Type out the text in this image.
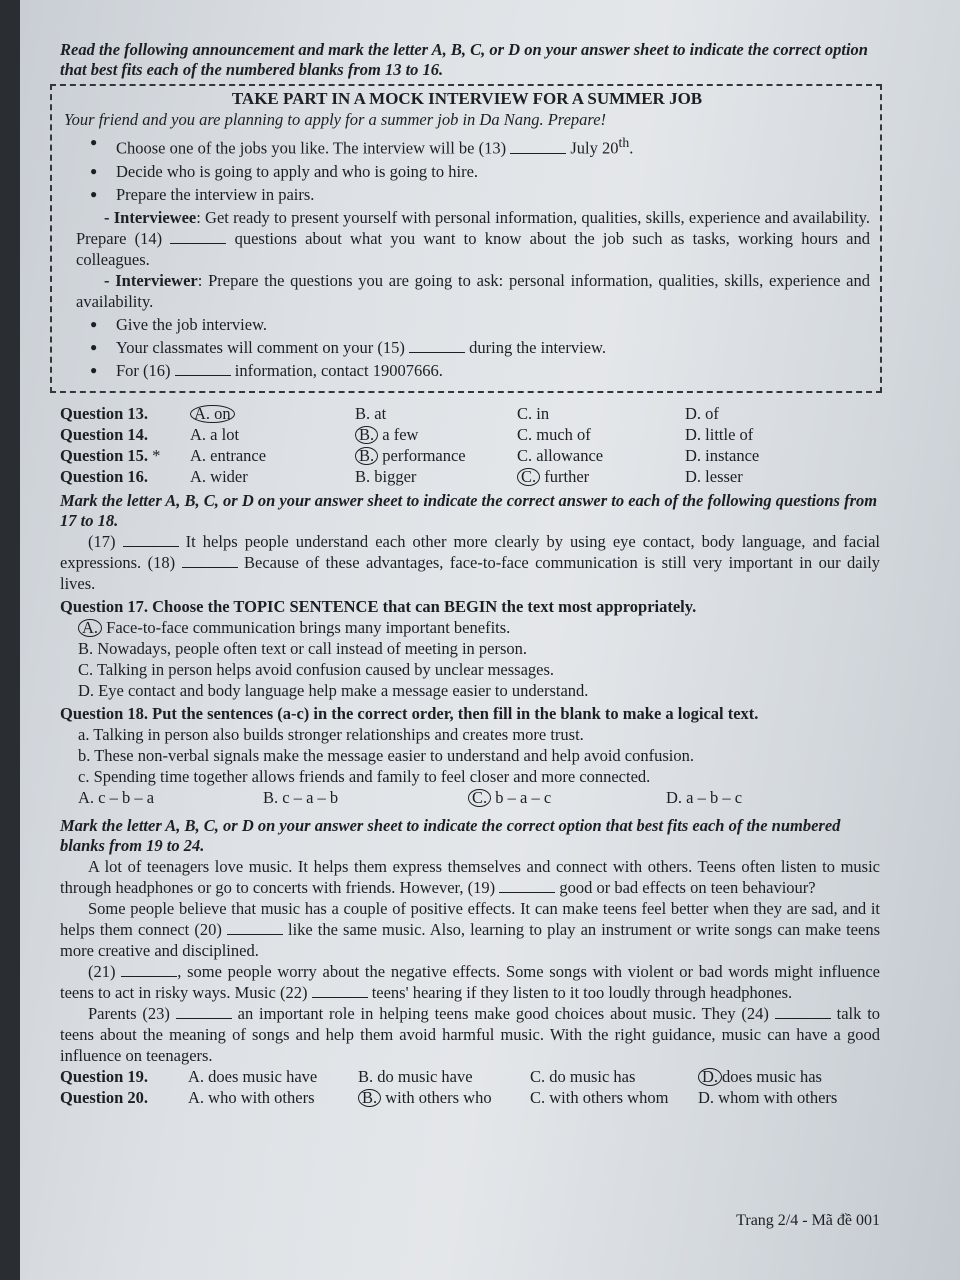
Read the following announcement and mark the letter A, B, C, or D on your answer sheet to indicate the correct option that best fits each of the numbered blanks from 13 to 16.

TAKE PART IN A MOCK INTERVIEW FOR A SUMMER JOB

Your friend and you are planning to apply for a summer job in Da Nang. Prepare!

● Choose one of the jobs you like. The interview will be (13)	July 20th.
● Decide who is going to apply and who is going to hire.
● Prepare the interview in pairs.

- Interviewee: Get ready to present yourself with personal information, qualities, skills, experience and availability. Prepare (14)	questions about what you want to know about the job such as tasks, working hours and colleagues.

- Interviewer: Prepare the questions you are going to ask: personal information, qualities, skills, experience and availability.

● Give the job interview.
● Your classmates will comment on your (15)	during the interview.
● For (16)	information, contact 19007666.
Question 13.	A. on	B. at	C. in	D. of
Question 14.	A. a lot	B. a few	C. much of	D. little of
Question 15. *	A. entrance	B. performance	C. allowance	D. instance
Question 16.	A. wider	B. bigger	C. further	D. lesser

Mark the letter A, B, C, or D on your answer sheet to indicate the correct answer to each of the following questions from 17 to 18.

(17)	It helps people understand each other more clearly by using eye contact, body language, and facial expressions. (18)	Because of these advantages, face-to-face communication is still very important in our daily lives.

Question 17. Choose the TOPIC SENTENCE that can BEGIN the text most appropriately.

A. Face-to-face communication brings many important benefits.

B. Nowadays, people often text or call instead of meeting in person.

C. Talking in person helps avoid confusion caused by unclear messages.

D. Eye contact and body language help make a message easier to understand.

Question 18. Put the sentences (a-c) in the correct order, then fill in the blank to make a logical text.

a. Talking in person also builds stronger relationships and creates more trust.

b. These non-verbal signals make the message easier to understand and help avoid confusion.

c. Spending time together allows friends and family to feel closer and more connected.

A. c – b – a	B. c – a – b	C. b – a – c	D. a – b – c

Mark the letter A, B, C, or D on your answer sheet to indicate the correct option that best fits each of the numbered blanks from 19 to 24.

A lot of teenagers love music. It helps them express themselves and connect with others. Teens often listen to music through headphones or go to concerts with friends. However, (19)	good or bad effects on teen behaviour?

Some people believe that music has a couple of positive effects. It can make teens feel better when they are sad, and it helps them connect (20)	like the same music. Also, learning to play an instrument or write songs can make teens more creative and disciplined.

(21)	, some people worry about the negative effects. Some songs with violent or bad words might influence teens to act in risky ways. Music (22)	teens' hearing if they listen to it too loudly through headphones.

Parents (23)	an important role in helping teens make good choices about music. They (24)	talk to teens about the meaning of songs and help them avoid harmful music. With the right guidance, music can have a good influence on teenagers.

Question 19.	A. does music have	B. do music have	C. do music has	D. does music has
Question 20.	A. who with others	B. with others who	C. with others whom	D. whom with others
Trang 2/4 - Mã đề 001
